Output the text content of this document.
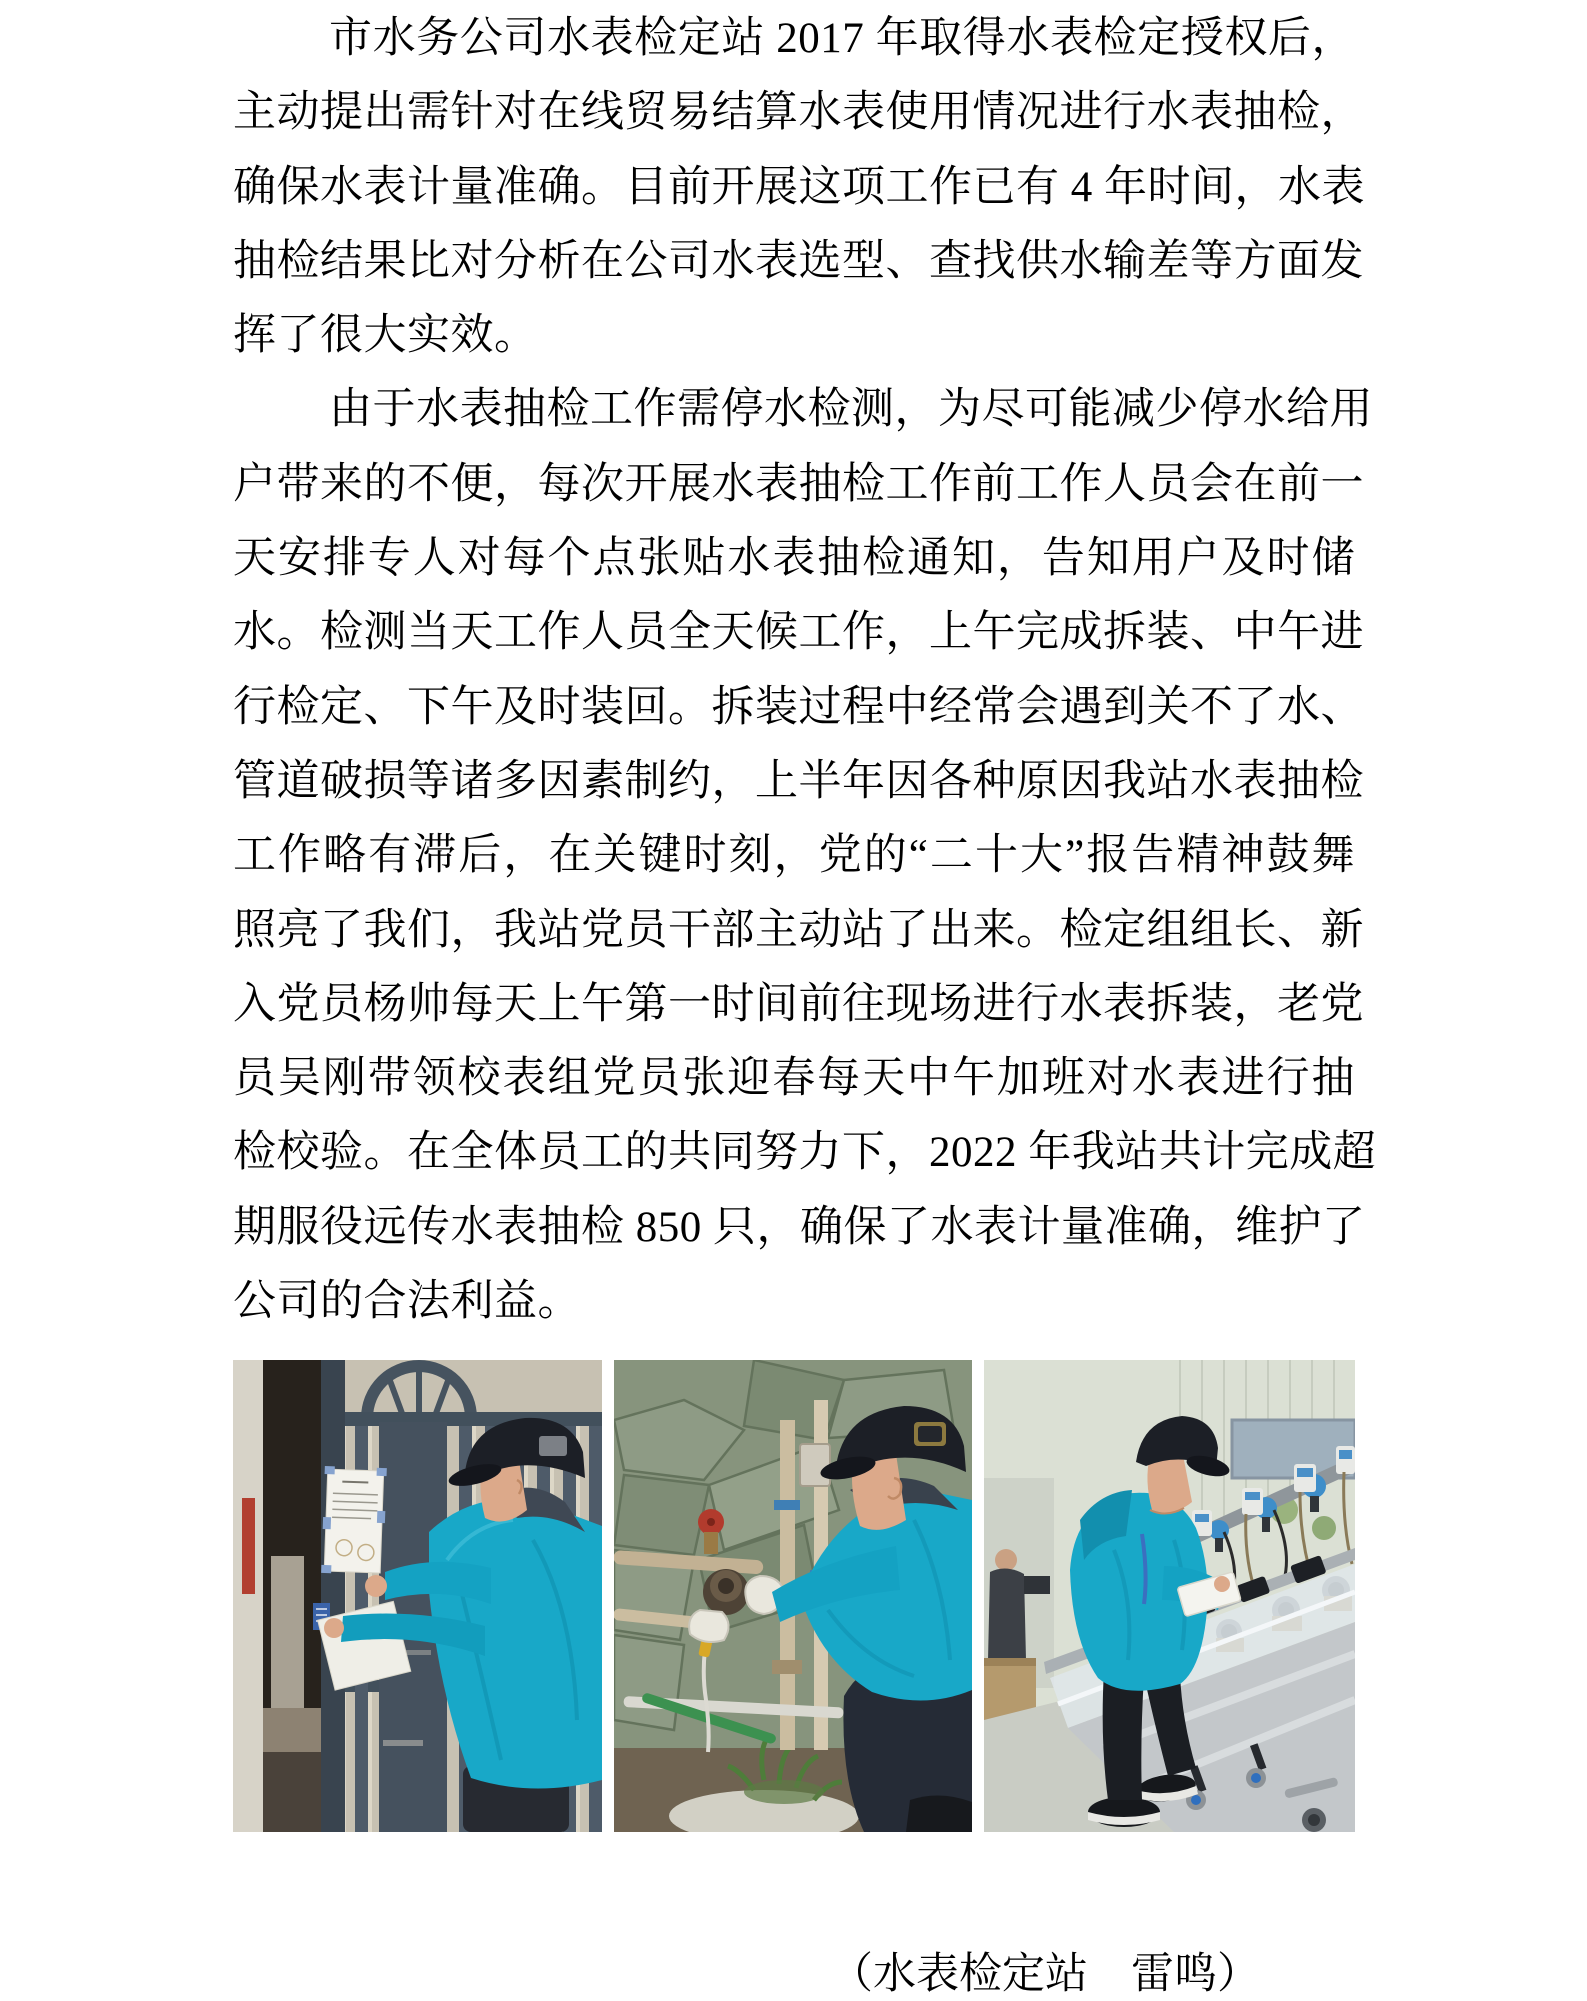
市水务公司水表检定站 2017 年取得水表检定授权后，
主动提出需针对在线贸易结算水表使用情况进行水表抽检，
确保水表计量准确。目前开展这项工作已有 4 年时间，水表
抽检结果比对分析在公司水表选型、查找供水输差等方面发
挥了很大实效。
由于水表抽检工作需停水检测，为尽可能减少停水给用
户带来的不便，每次开展水表抽检工作前工作人员会在前一
天安排专人对每个点张贴水表抽检通知，告知用户及时储
水。检测当天工作人员全天候工作，上午完成拆装、中午进
行检定、下午及时装回。拆装过程中经常会遇到关不了水、
管道破损等诸多因素制约，上半年因各种原因我站水表抽检
工作略有滞后，在关键时刻，党的“二十大”报告精神鼓舞
照亮了我们，我站党员干部主动站了出来。检定组组长、新
入党员杨帅每天上午第一时间前往现场进行水表拆装，老党
员吴刚带领校表组党员张迎春每天中午加班对水表进行抽
检校验。在全体员工的共同努力下，2022 年我站共计完成超
期服役远传水表抽检 850 只，确保了水表计量准确，维护了
公司的合法利益。
（水表检定站　雷鸣）
